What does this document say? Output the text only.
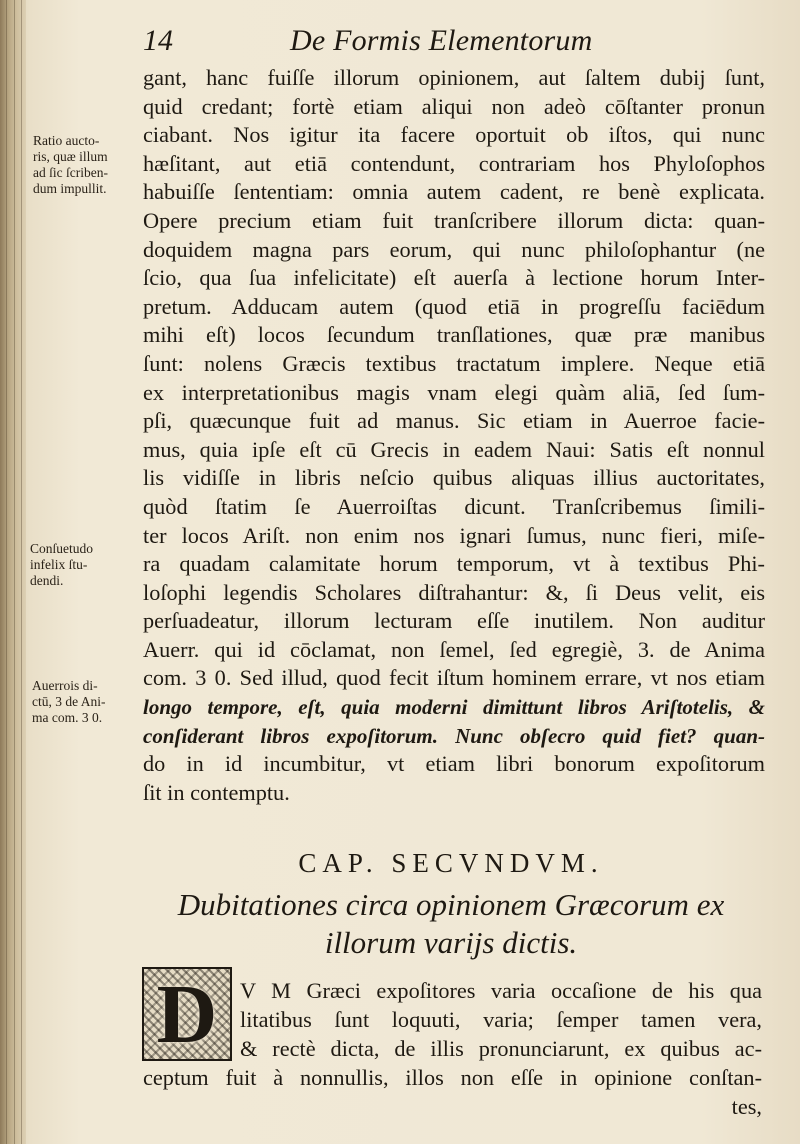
14	De Formis Elementorum
Ratio aucto-
ris, quæ illum
ad ſic ſcriben-
dum impullit.
Conſuetudo
infelix ſtu-
dendi.
Auerrois di-
ctū, 3 de Ani-
ma com. 3 0.
gant, hanc fuiſſe illorum opinionem, aut ſaltem dubij ſunt,
quid credant; fortè etiam aliqui non adeò cōſtanter pronun
ciabant. Nos igitur ita facere oportuit ob iſtos, qui nunc
hæſitant, aut etiā contendunt, contrariam hos Phyloſophos
habuiſſe ſententiam: omnia autem cadent, re benè explicata.
Opere precium etiam fuit tranſcribere illorum dicta: quan-
doquidem magna pars eorum, qui nunc philoſophantur (ne
ſcio, qua ſua infelicitate) eſt auerſa à lectione horum Inter-
pretum. Adducam autem (quod etiā in progreſſu faciēdum
mihi eſt) locos ſecundum tranſlationes, quæ præ manibus
ſunt: nolens Græcis textibus tractatum implere. Neque etiā
ex interpretationibus magis vnam elegi quàm aliā, ſed ſum-
pſi, quæcunque fuit ad manus. Sic etiam in Auerroe facie-
mus, quia ipſe eſt cū Grecis in eadem Naui: Satis eſt nonnul
lis vidiſſe in libris neſcio quibus aliquas illius auctoritates,
quòd ſtatim ſe Auerroiſtas dicunt. Tranſcribemus ſimili-
ter locos Ariſt. non enim nos ignari ſumus, nunc fieri, miſe-
ra quadam calamitate horum temporum, vt à textibus Phi-
loſophi legendis Scholares diſtrahantur: &, ſi Deus velit, eis
perſuadeatur, illorum lecturam eſſe inutilem. Non auditur
Auerr. qui id cōclamat, non ſemel, ſed egregiè, 3. de Anima
com. 3 0. Sed illud, quod fecit iſtum hominem errare, vt nos etiam
longo tempore, eſt, quia moderni dimittunt libros Ariſtotelis, &
conſiderant libros expoſitorum. Nunc obſecro quid fiet? quan-
do in id incumbitur, vt etiam libri bonorum expoſitorum
ſit in contemptu.
CAP. SECVNDVM.
Dubitationes circa opinionem Græcorum ex
illorum varijs dictis.
D	V M Græci expoſitores varia occaſione de his qua
litatibus ſunt loquuti, varia; ſemper tamen vera,
& rectè dicta, de illis pronunciarunt, ex quibus ac-
ceptum fuit à nonnullis, illos non eſſe in opinione conſtan-
tes,
